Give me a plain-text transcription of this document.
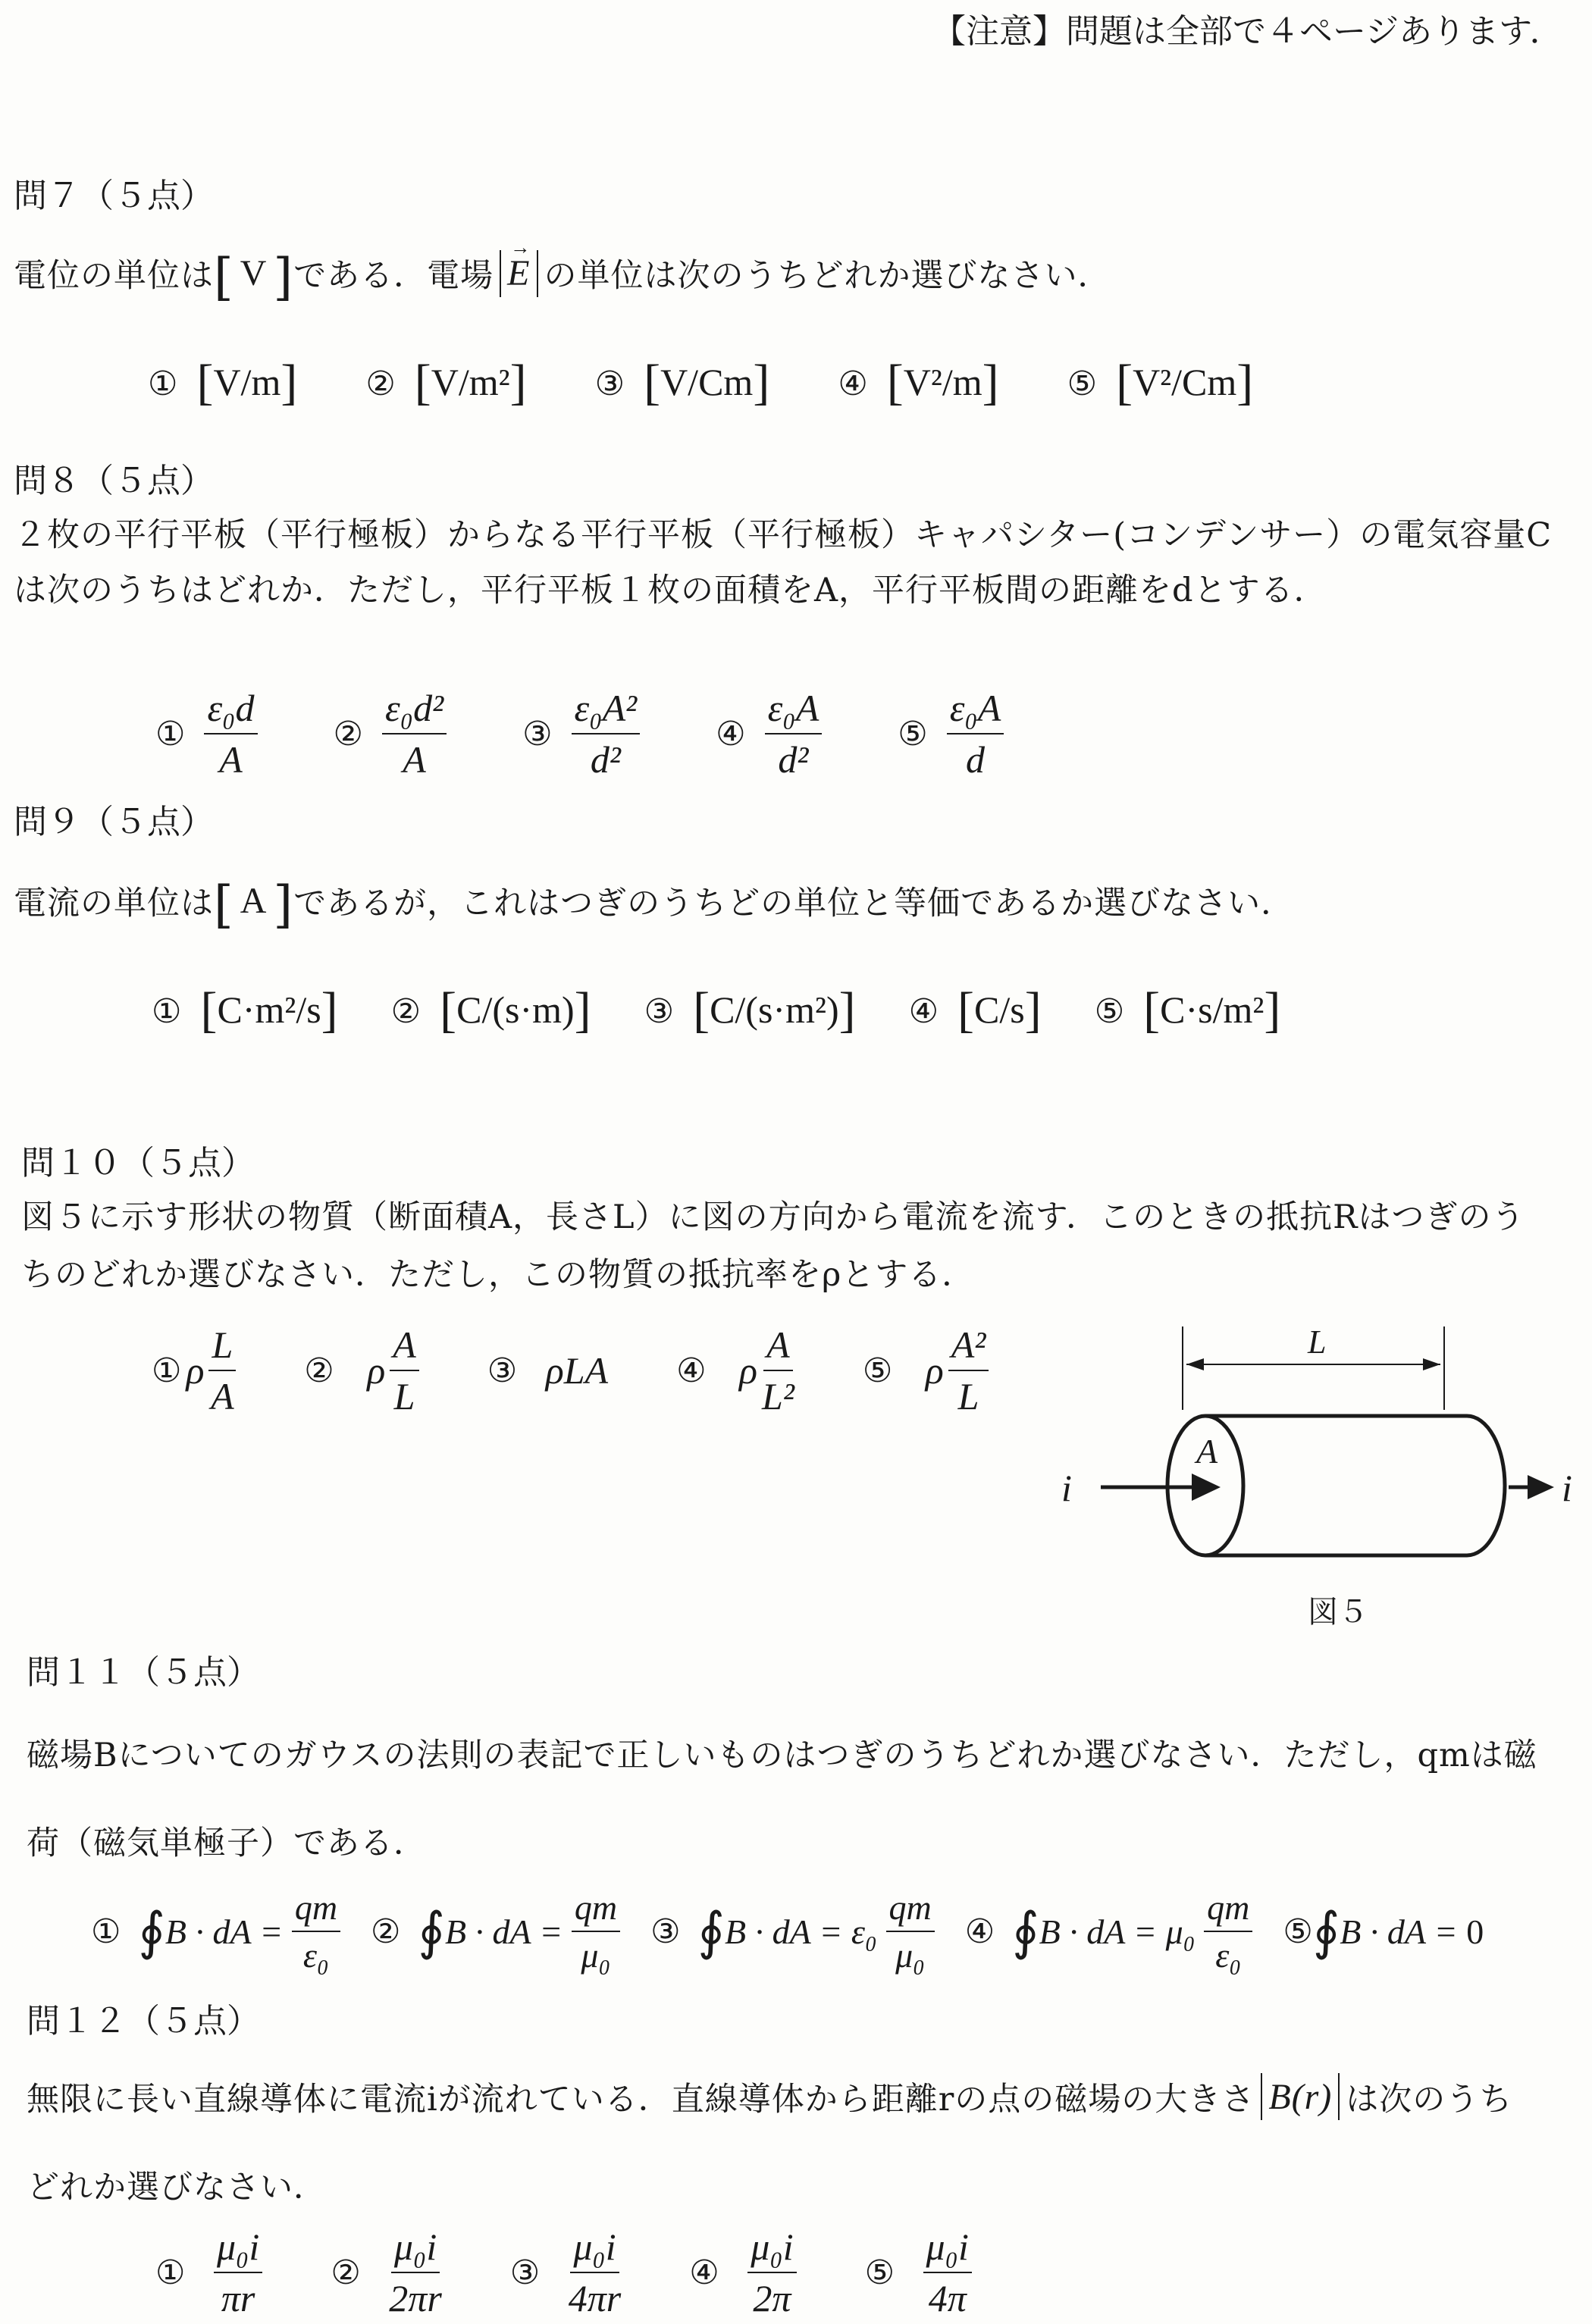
【注意】問題は全部で４ページあります．
問７（５点）
電位の単位は [ V ] である．電場
→ E の単位は次のうちどれか選びなさい．
① [V/m] ② [V/m²] ③ [V/Cm] ④ [V²/m] ⑤ [V²/Cm]
問８（５点）
２枚の平行平板（平行極板）からなる平行平板（平行極板）キャパシター(コンデンサー）の電気容量C
は次のうちはどれか．ただし，平行平板１枚の面積をA，平行平板間の距離をdとする．
①
$\frac{\text{ε₀d}}{A}$ ②
$\frac{\text{ε₀d²}}{A}$ ③
$\frac{\text{ε₀A²}}{\text{d²}}$ ④
$\frac{\text{ε₀A}}{\text{d²}}$ ⑤
$\frac{\text{ε₀A}}{d}$
問９（５点）
電流の単位は [ A ] であるが，これはつぎのうちどの単位と等価であるか選びなさい．
① [C·m²/s] ② [C/(s·m)] ③ [C/(s·m²)] ④ [C/s] ⑤ [C·s/m²]
問１０（５点）
図５に示す形状の物質（断面積A，長さL）に図の方向から電流を流す．このときの抵抗Rはつぎのう
ちのどれか選びなさい．ただし，この物質の抵抗率をρとする．
① ρ $\frac{L}{A}$ ②
ρ $\frac{A}{L}$ ③
ρLA ④
ρ $\frac{A}{\text{L²}}$ ⑤
ρ $\frac{\text{A²}}{L}$	L
A
i	i
図５
問１１（５点）
磁場Bについてのガウスの法則の表記で正しいものはつぎのうちどれか選びなさい．ただし，qmは磁
荷（磁気単極子）である．
①
∮ B · dA =
$\frac{qm}{\text{ε₀}}$ ②
∮ B · dA =
$\frac{qm}{\text{μ₀}}$ ③
∮ B · dA =
ε₀
$\frac{qm}{\text{μ₀}}$ ④
∮ B · dA =
μ₀
$\frac{qm}{\text{ε₀}}$ ⑤ ∮ B · dA =
0
問１２（５点）
無限に長い直線導体に電流iが流れている．直線導体から距離rの点の磁場の大きさ B(r) は次のうち
どれか選びなさい．
①
$\frac{\text{μ₀i}}{\pi r}$ ②
$\frac{\text{μ₀i}}{2\pi r}$ ③
$\frac{\text{μ₀i}}{4\pi r}$ ④
$\frac{\text{μ₀i}}{2\pi}$ ⑤
$\frac{\text{μ₀i}}{4\pi}$
